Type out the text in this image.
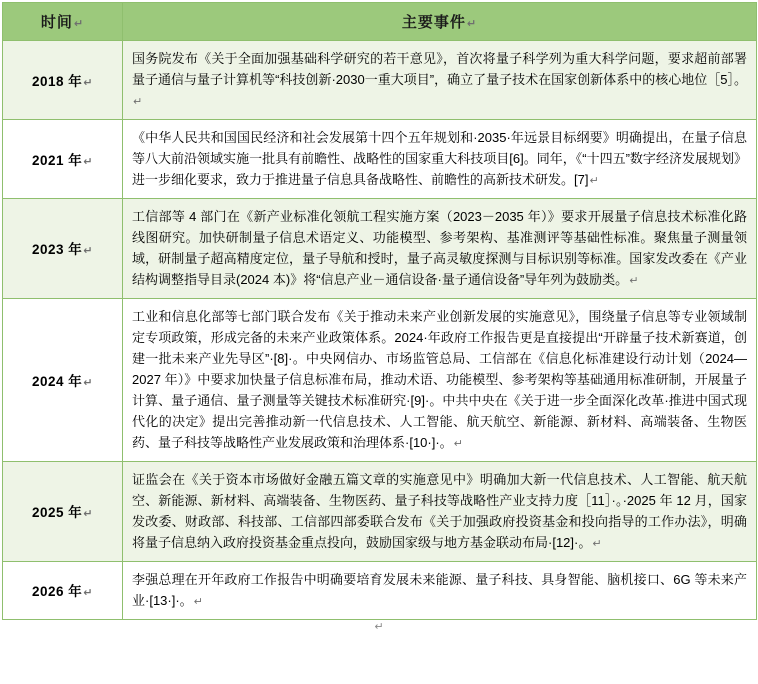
时间↵	主要事件↵
2018 年↵	国务院发布《关于全面加强基础科学研究的若干意见》，首次将量子科学列为重大科学问题，要求超前部署量子通信与量子计算机等“科技创新·2030一重大项目”，确立了量子技术在国家创新体系中的核心地位［5］。↵
2021 年↵	《中华人民共和国国民经济和社会发展第十四个五年规划和·2035·年远景目标纲要》明确提出，在量子信息等八大前沿领域实施一批具有前瞻性、战略性的国家重大科技项目[6]。同年，《“十四五”数字经济发展规划》进一步细化要求，致力于推进量子信息具备战略性、前瞻性的高新技术研发。[7]↵
2023 年↵	工信部等 4 部门在《新产业标准化领航工程实施方案（2023－2035 年）》要求开展量子信息技术标准化路线图研究。加快研制量子信息术语定义、功能模型、参考架构、基准测评等基础性标准。聚焦量子测量领域，研制量子超高精度定位，量子导航和授时，量子高灵敏度探测与目标识别等标准。国家发改委在《产业结构调整指导目录(2024 本)》将“信息产业－通信设备·量子通信设备”导年列为鼓励类。↵
2024 年↵	工业和信息化部等七部门联合发布《关于推动未来产业创新发展的实施意见》，围绕量子信息等专业领域制定专项政策，形成完备的未来产业政策体系。2024·年政府工作报告更是直接提出“开辟量子技术新赛道，创建一批未来产业先导区”·[8]·。中央网信办、市场监管总局、工信部在《信息化标准建设行动计划（2024—2027 年）》中要求加快量子信息标准布局，推动术语、功能模型、参考架构等基础通用标准研制，开展量子计算、量子通信、量子测量等关键技术标准研究·[9]·。中共中央在《关于进一步全面深化改革·推进中国式现代化的决定》提出完善推动新一代信息技术、人工智能、航天航空、新能源、新材料、高端装备、生物医药、量子科技等战略性产业发展政策和治理体系·[10·]·。↵
2025 年↵	证监会在《关于资本市场做好金融五篇文章的实施意见中》明确加大新一代信息技术、人工智能、航天航空、新能源、新材料、高端装备、生物医药、量子科技等战略性产业支持力度［11］·。·2025 年 12 月，国家发改委、财政部、科技部、工信部四部委联合发布《关于加强政府投资基金和投向指导的工作办法》，明确将量子信息纳入政府投资基金重点投向，鼓励国家级与地方基金联动布局·[12]·。↵
2026 年↵	李强总理在开年政府工作报告中明确要培育发展未来能源、量子科技、具身智能、脑机接口、6G 等未来产业·[13·]·。↵
↵
